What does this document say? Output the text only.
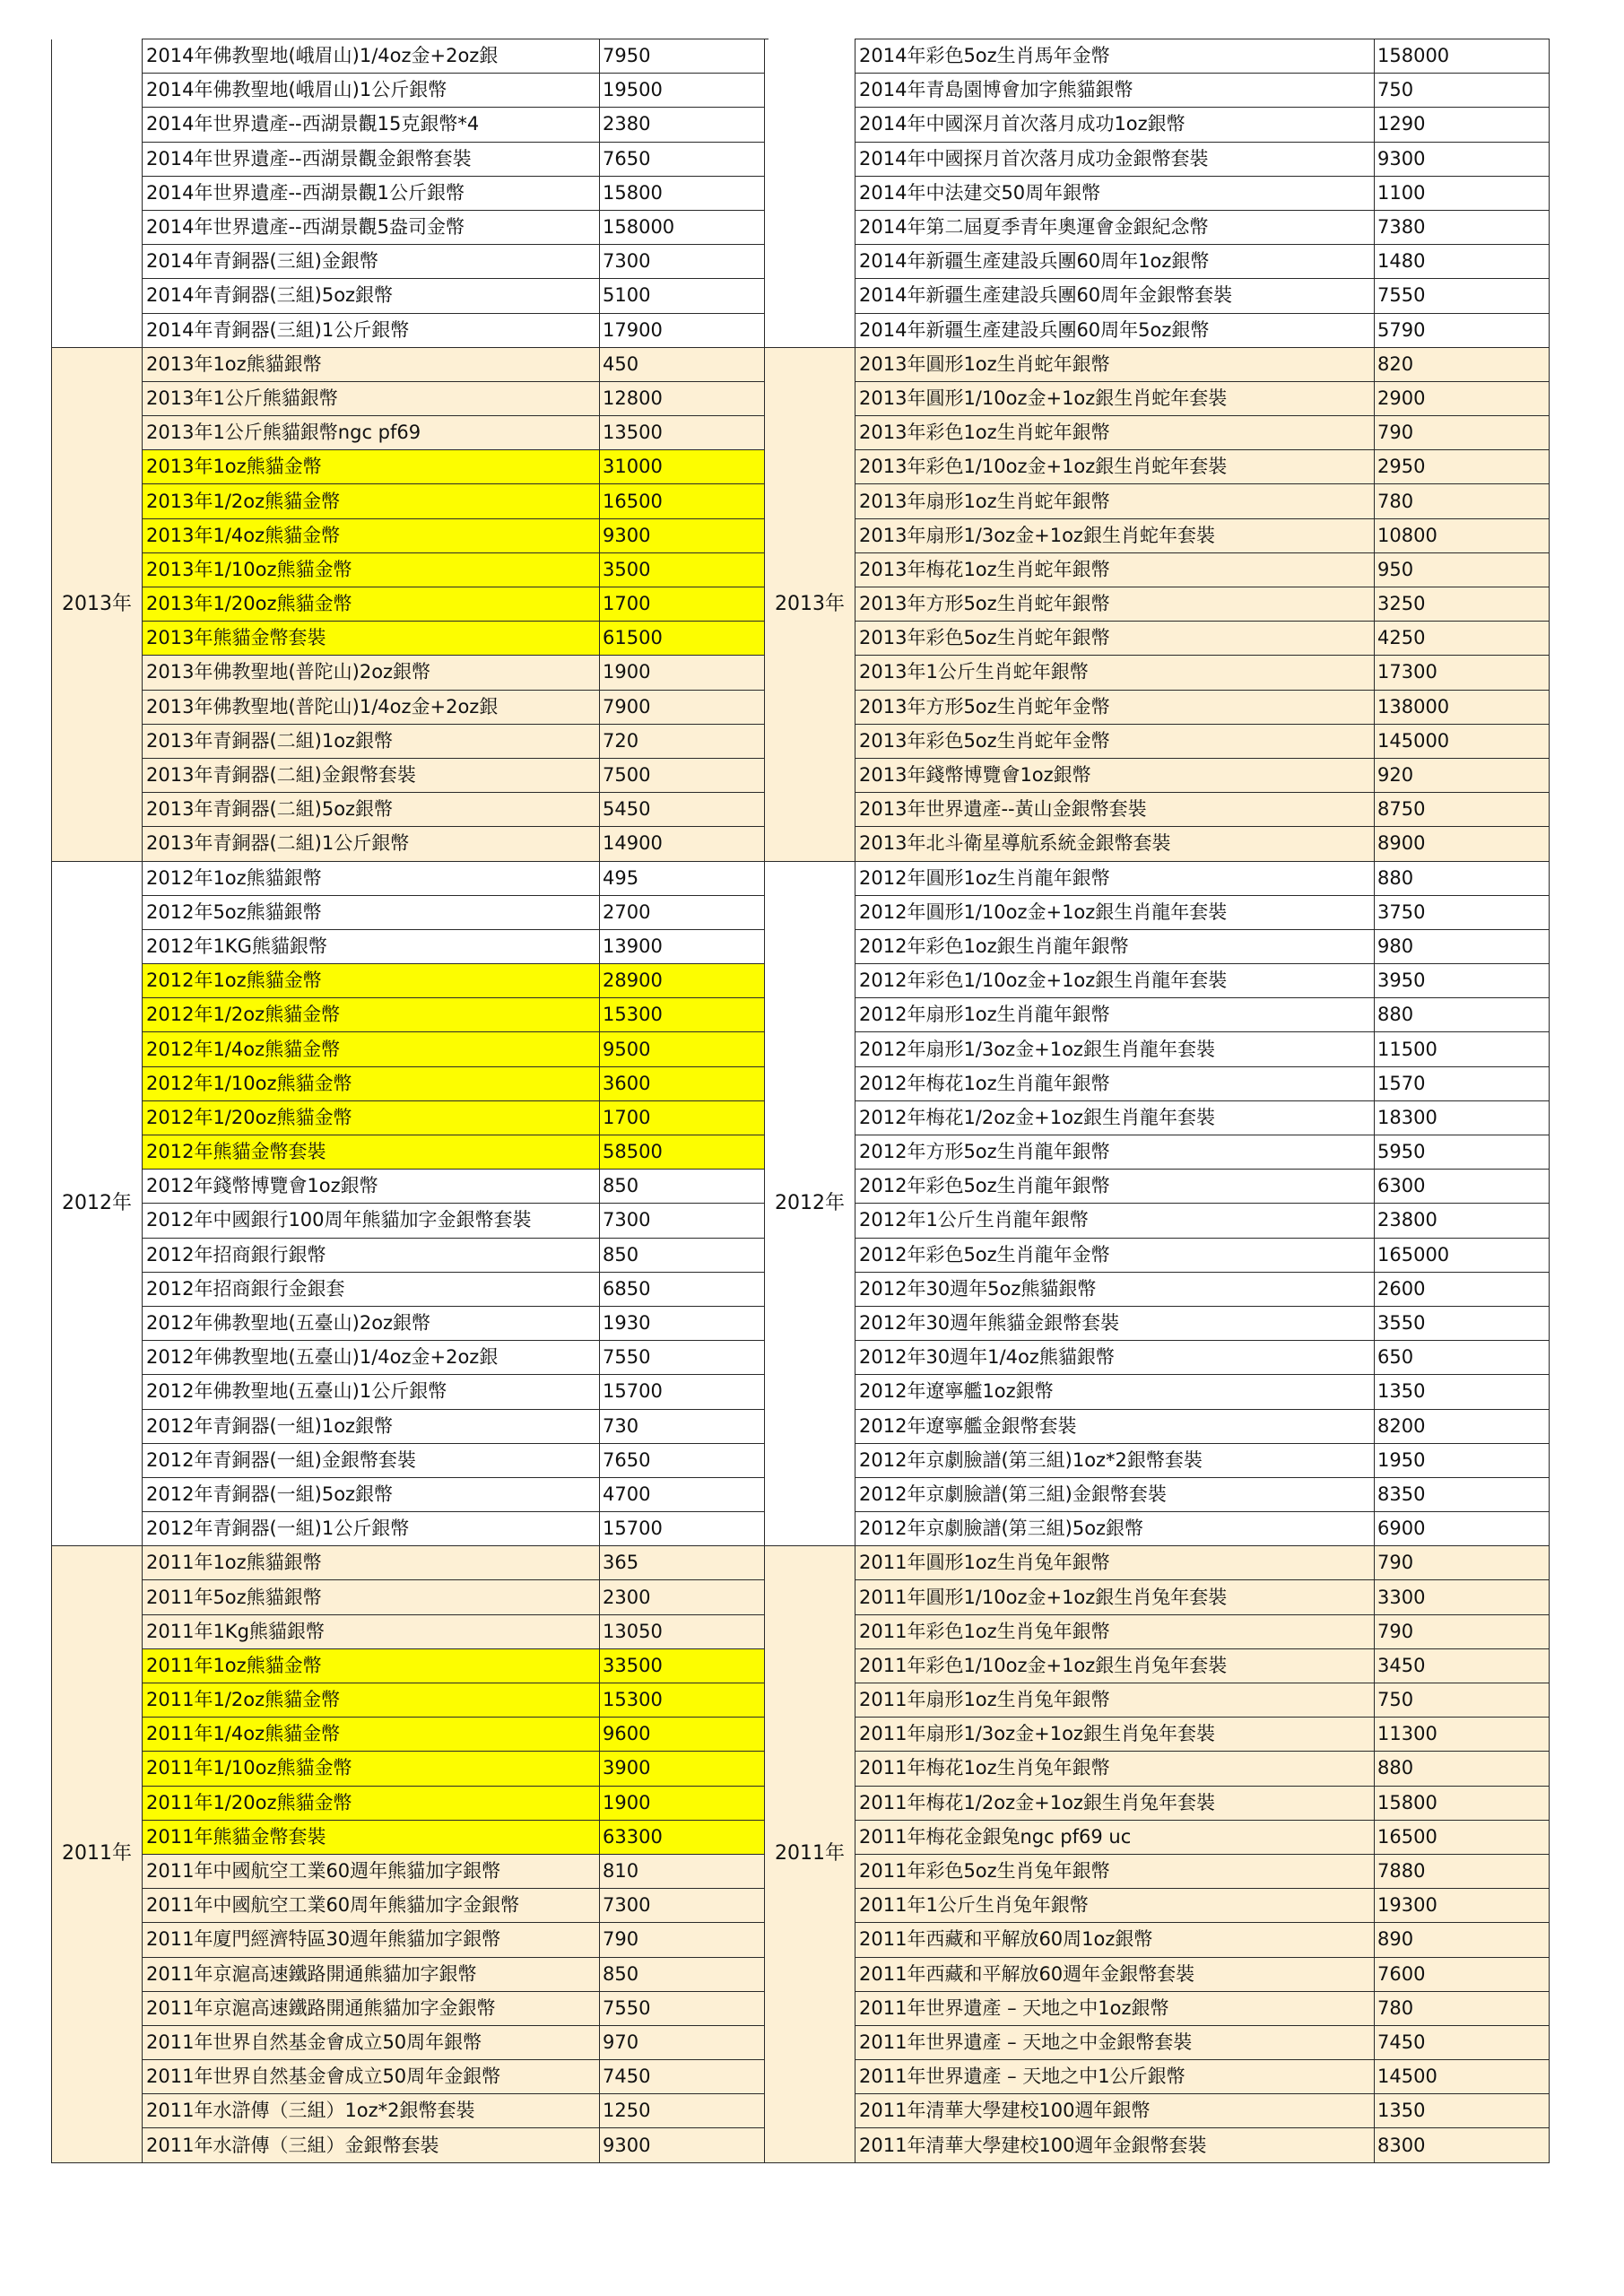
	2014年佛教聖地(峨眉山)1/4oz金+2oz銀	7950
	2014年佛教聖地(峨眉山)1公斤銀幣	19500
	2014年世界遺產--西湖景觀15克銀幣*4	2380
	2014年世界遺產--西湖景觀金銀幣套裝	7650
	2014年世界遺產--西湖景觀1公斤銀幣	15800
	2014年世界遺產--西湖景觀5盎司金幣	158000
	2014年青銅器(三組)金銀幣	7300
	2014年青銅器(三組)5oz銀幣	5100
	2014年青銅器(三組)1公斤銀幣	17900
2013年	2013年1oz熊貓銀幣	450
	2013年1公斤熊貓銀幣	12800
	2013年1公斤熊貓銀幣ngc pf69	13500
	2013年1oz熊貓金幣	31000
	2013年1/2oz熊貓金幣	16500
	2013年1/4oz熊貓金幣	9300
	2013年1/10oz熊貓金幣	3500
	2013年1/20oz熊貓金幣	1700
	2013年熊貓金幣套裝	61500
	2013年佛教聖地(普陀山)2oz銀幣	1900
	2013年佛教聖地(普陀山)1/4oz金+2oz銀	7900
	2013年青銅器(二組)1oz銀幣	720
	2013年青銅器(二組)金銀幣套裝	7500
	2013年青銅器(二組)5oz銀幣	5450
	2013年青銅器(二組)1公斤銀幣	14900
2012年	2012年1oz熊貓銀幣	495
	2012年5oz熊貓銀幣	2700
	2012年1KG熊貓銀幣	13900
	2012年1oz熊貓金幣	28900
	2012年1/2oz熊貓金幣	15300
	2012年1/4oz熊貓金幣	9500
	2012年1/10oz熊貓金幣	3600
	2012年1/20oz熊貓金幣	1700
	2012年熊貓金幣套裝	58500
	2012年錢幣博覽會1oz銀幣	850
	2012年中國銀行100周年熊貓加字金銀幣套裝	7300
	2012年招商銀行銀幣	850
	2012年招商銀行金銀套	6850
	2012年佛教聖地(五臺山)2oz銀幣	1930
	2012年佛教聖地(五臺山)1/4oz金+2oz銀	7550
	2012年佛教聖地(五臺山)1公斤銀幣	15700
	2012年青銅器(一組)1oz銀幣	730
	2012年青銅器(一組)金銀幣套裝	7650
	2012年青銅器(一組)5oz銀幣	4700
	2012年青銅器(一組)1公斤銀幣	15700
2011年	2011年1oz熊貓銀幣	365
	2011年5oz熊貓銀幣	2300
	2011年1Kg熊貓銀幣	13050
	2011年1oz熊貓金幣	33500
	2011年1/2oz熊貓金幣	15300
	2011年1/4oz熊貓金幣	9600
	2011年1/10oz熊貓金幣	3900
	2011年1/20oz熊貓金幣	1900
	2011年熊貓金幣套裝	63300
	2011年中國航空工業60週年熊貓加字銀幣	810
	2011年中國航空工業60周年熊貓加字金銀幣	7300
	2011年廈門經濟特區30週年熊貓加字銀幣	790
	2011年京滬高速鐵路開通熊貓加字銀幣	850
	2011年京滬高速鐵路開通熊貓加字金銀幣	7550
	2011年世界自然基金會成立50周年銀幣	970
	2011年世界自然基金會成立50周年金銀幣	7450
	2011年水滸傳（三組）1oz*2銀幣套裝	1250
	2011年水滸傳（三組）金銀幣套裝	9300
	2014年彩色5oz生肖馬年金幣	158000
	2014年青島園博會加字熊貓銀幣	750
	2014年中國深月首次落月成功1oz銀幣	1290
	2014年中國探月首次落月成功金銀幣套裝	9300
	2014年中法建交50周年銀幣	1100
	2014年第二屆夏季青年奧運會金銀紀念幣	7380
	2014年新疆生產建設兵團60周年1oz銀幣	1480
	2014年新疆生產建設兵團60周年金銀幣套裝	7550
	2014年新疆生產建設兵團60周年5oz銀幣	5790
2013年	2013年圓形1oz生肖蛇年銀幣	820
	2013年圓形1/10oz金+1oz銀生肖蛇年套裝	2900
	2013年彩色1oz生肖蛇年銀幣	790
	2013年彩色1/10oz金+1oz銀生肖蛇年套裝	2950
	2013年扇形1oz生肖蛇年銀幣	780
	2013年扇形1/3oz金+1oz銀生肖蛇年套裝	10800
	2013年梅花1oz生肖蛇年銀幣	950
	2013年方形5oz生肖蛇年銀幣	3250
	2013年彩色5oz生肖蛇年銀幣	4250
	2013年1公斤生肖蛇年銀幣	17300
	2013年方形5oz生肖蛇年金幣	138000
	2013年彩色5oz生肖蛇年金幣	145000
	2013年錢幣博覽會1oz銀幣	920
	2013年世界遺產--黃山金銀幣套裝	8750
	2013年北斗衛星導航系統金銀幣套裝	8900
2012年	2012年圓形1oz生肖龍年銀幣	880
	2012年圓形1/10oz金+1oz銀生肖龍年套裝	3750
	2012年彩色1oz銀生肖龍年銀幣	980
	2012年彩色1/10oz金+1oz銀生肖龍年套裝	3950
	2012年扇形1oz生肖龍年銀幣	880
	2012年扇形1/3oz金+1oz銀生肖龍年套裝	11500
	2012年梅花1oz生肖龍年銀幣	1570
	2012年梅花1/2oz金+1oz銀生肖龍年套裝	18300
	2012年方形5oz生肖龍年銀幣	5950
	2012年彩色5oz生肖龍年銀幣	6300
	2012年1公斤生肖龍年銀幣	23800
	2012年彩色5oz生肖龍年金幣	165000
	2012年30週年5oz熊貓銀幣	2600
	2012年30週年熊貓金銀幣套裝	3550
	2012年30週年1/4oz熊貓銀幣	650
	2012年遼寧艦1oz銀幣	1350
	2012年遼寧艦金銀幣套裝	8200
	2012年京劇臉譜(第三組)1oz*2銀幣套裝	1950
	2012年京劇臉譜(第三組)金銀幣套裝	8350
	2012年京劇臉譜(第三組)5oz銀幣	6900
2011年	2011年圓形1oz生肖兔年銀幣	790
	2011年圓形1/10oz金+1oz銀生肖兔年套裝	3300
	2011年彩色1oz生肖兔年銀幣	790
	2011年彩色1/10oz金+1oz銀生肖兔年套裝	3450
	2011年扇形1oz生肖兔年銀幣	750
	2011年扇形1/3oz金+1oz銀生肖兔年套裝	11300
	2011年梅花1oz生肖兔年銀幣	880
	2011年梅花1/2oz金+1oz銀生肖兔年套裝	15800
	2011年梅花金銀兔ngc pf69 uc	16500
	2011年彩色5oz生肖兔年銀幣	7880
	2011年1公斤生肖兔年銀幣	19300
	2011年西藏和平解放60周1oz銀幣	890
	2011年西藏和平解放60週年金銀幣套裝	7600
	2011年世界遺產 – 天地之中1oz銀幣	780
	2011年世界遺產 – 天地之中金銀幣套裝	7450
	2011年世界遺產 – 天地之中1公斤銀幣	14500
	2011年清華大學建校100週年銀幣	1350
	2011年清華大學建校100週年金銀幣套裝	8300
